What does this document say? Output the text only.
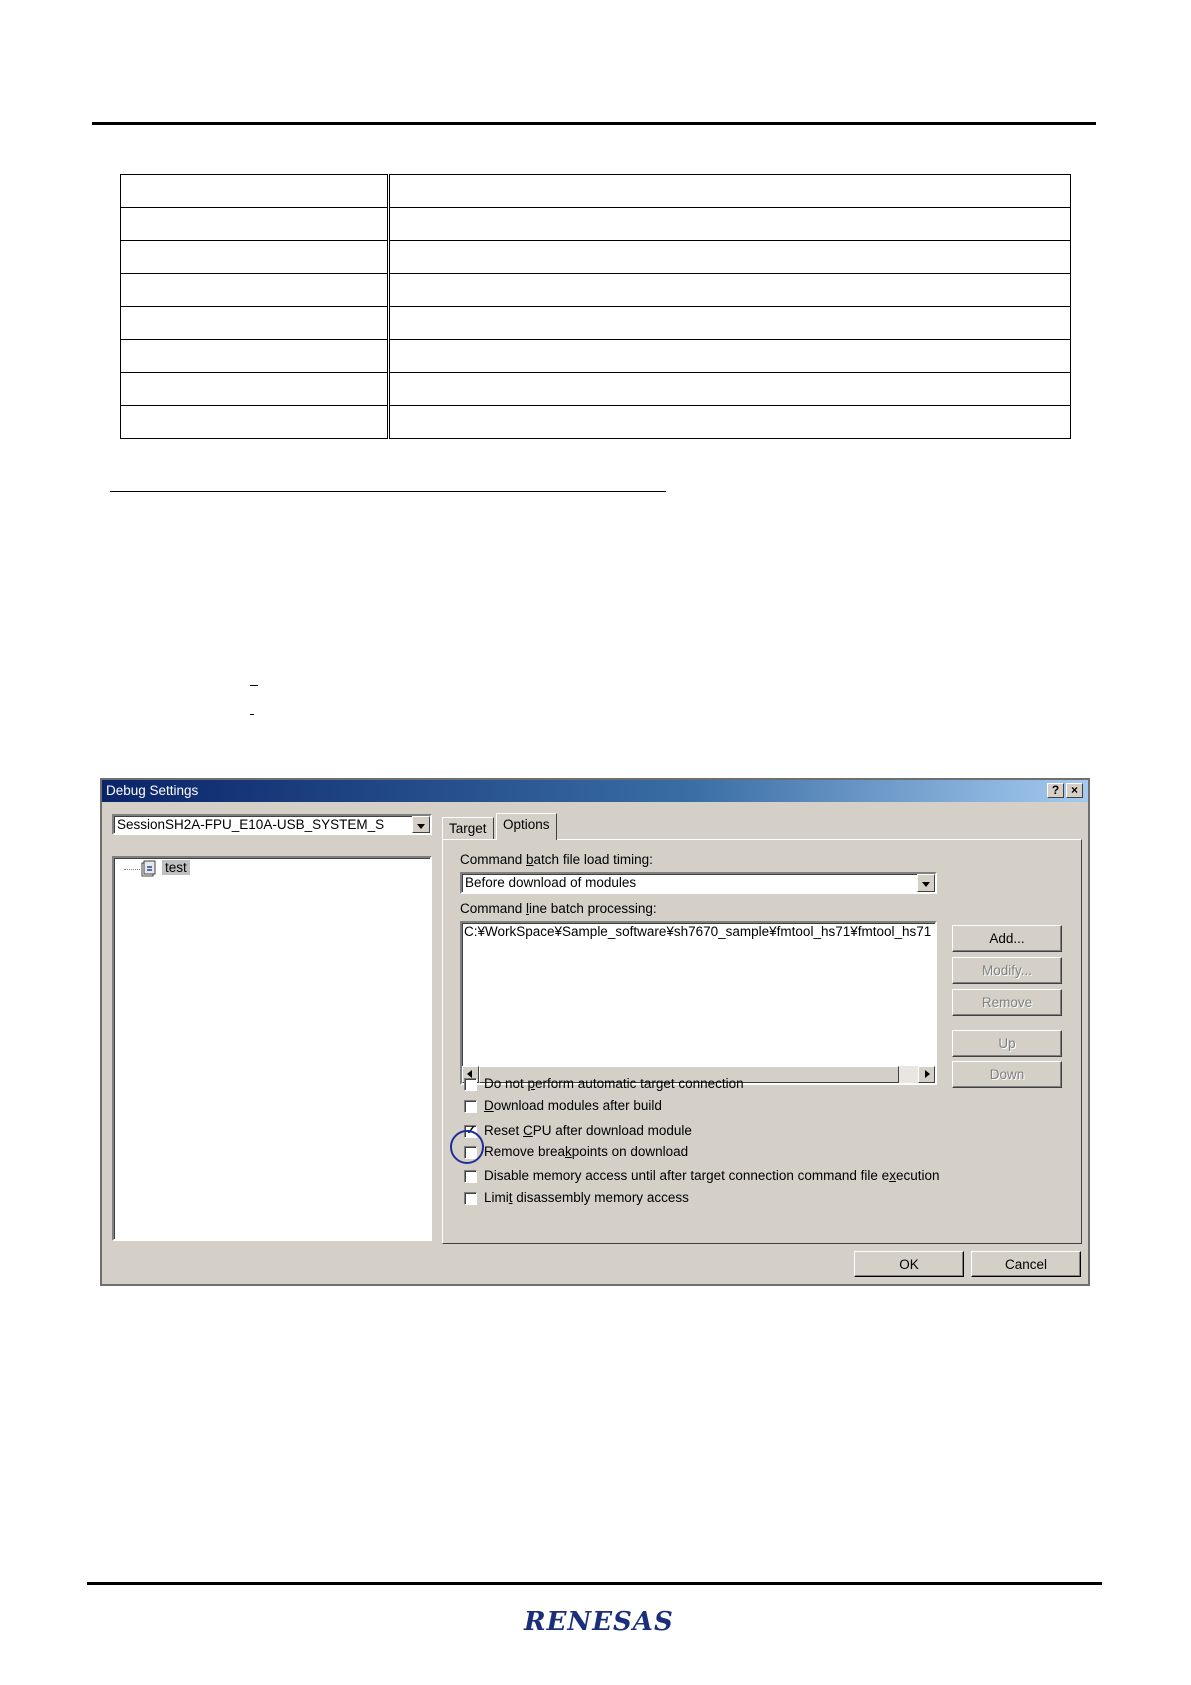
Debug Settings	? ×
SessionSH2A-FPU_E10A-USB_SYSTEM_S
test
Target	Options
Command batch file load timing:
Before download of modules
Command line batch processing:
C:¥WorkSpace¥Sample_software¥sh7670_sample¥fmtool_hs71¥fmtool_hs71	Add...
Modify...
Remove
Up
Down
Do not perform automatic target connection
Download modules after build
✓ Reset CPU after download module
Remove breakpoints on download
Disable memory access until after target connection command file execution
Limit disassembly memory access
OK	Cancel
RENESAS
